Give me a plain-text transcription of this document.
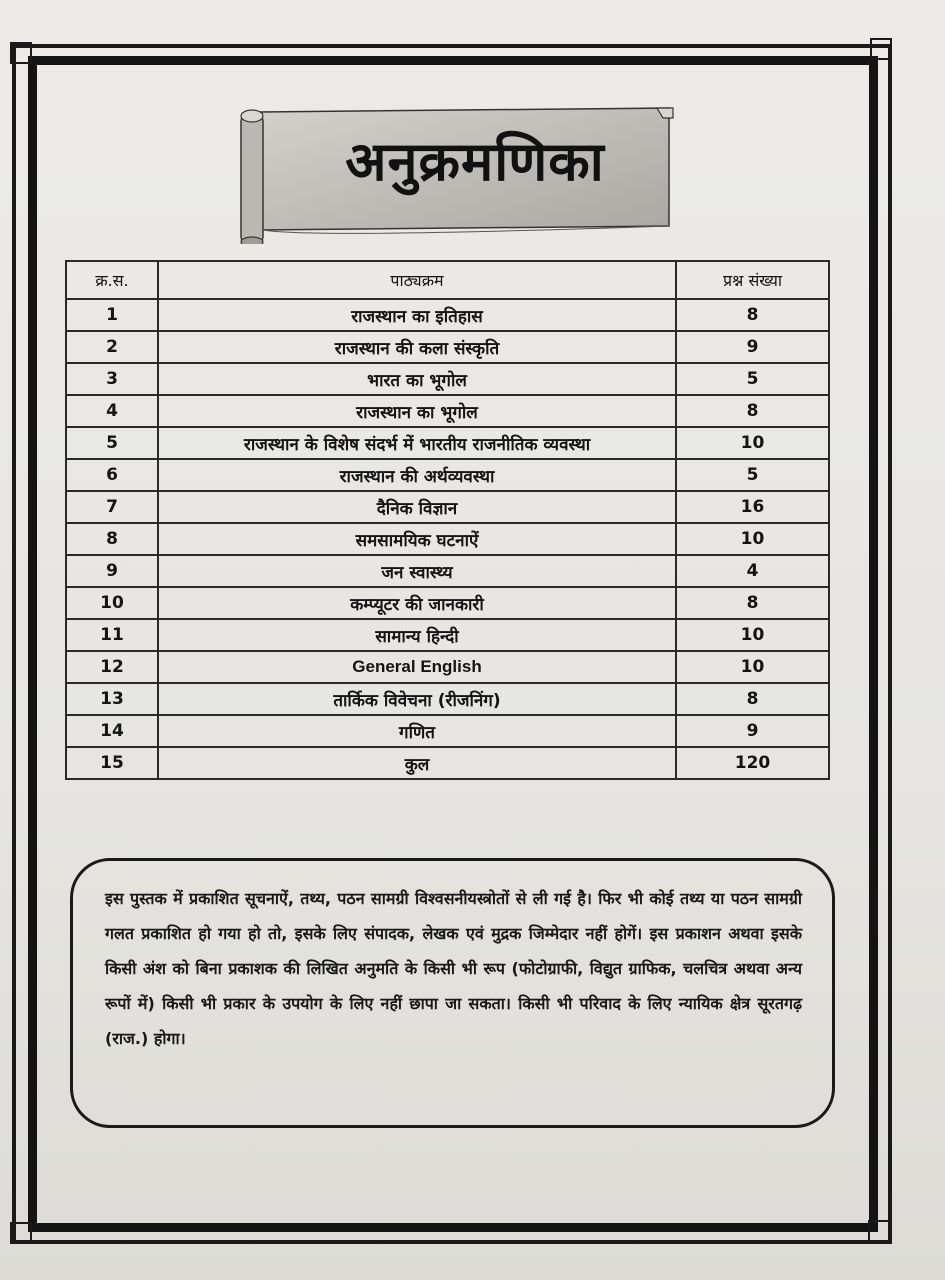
अनुक्रमणिका
क्र.स.	पाठ्यक्रम	प्रश्न संख्या
1	राजस्थान का इतिहास	8
2	राजस्थान की कला संस्कृति	9
3	भारत का भूगोल	5
4	राजस्थान का भूगोल	8
5	राजस्थान के विशेष संदर्भ में भारतीय राजनीतिक व्यवस्था	10
6	राजस्थान की अर्थव्यवस्था	5
7	दैनिक विज्ञान	16
8	समसामयिक घटनाऐं	10
9	जन स्वास्थ्य	4
10	कम्प्यूटर की जानकारी	8
11	सामान्य हिन्दी	10
12	General English	10
13	तार्किक विवेचना (रीजनिंग)	8
14	गणित	9
15	कुल	120

इस पुस्तक में प्रकाशित सूचनाऐं, तथ्य, पठन सामग्री विश्वसनीयस्त्रोतों से ली गई है। फिर भी कोई तथ्य या पठन सामग्री गलत प्रकाशित हो गया हो तो, इसके लिए संपादक, लेखक एवं मुद्रक जिम्मेदार नहीं होगें। इस प्रकाशन अथवा इसके किसी अंश को बिना प्रकाशक की लिखित अनुमति के किसी भी रूप (फोटोग्राफी, विद्युत ग्राफिक, चलचित्र अथवा अन्य रूपों में) किसी भी प्रकार के उपयोग के लिए नहीं छापा जा सकता। किसी भी परिवाद के लिए न्यायिक क्षेत्र सूरतगढ़ (राज.) होगा।
